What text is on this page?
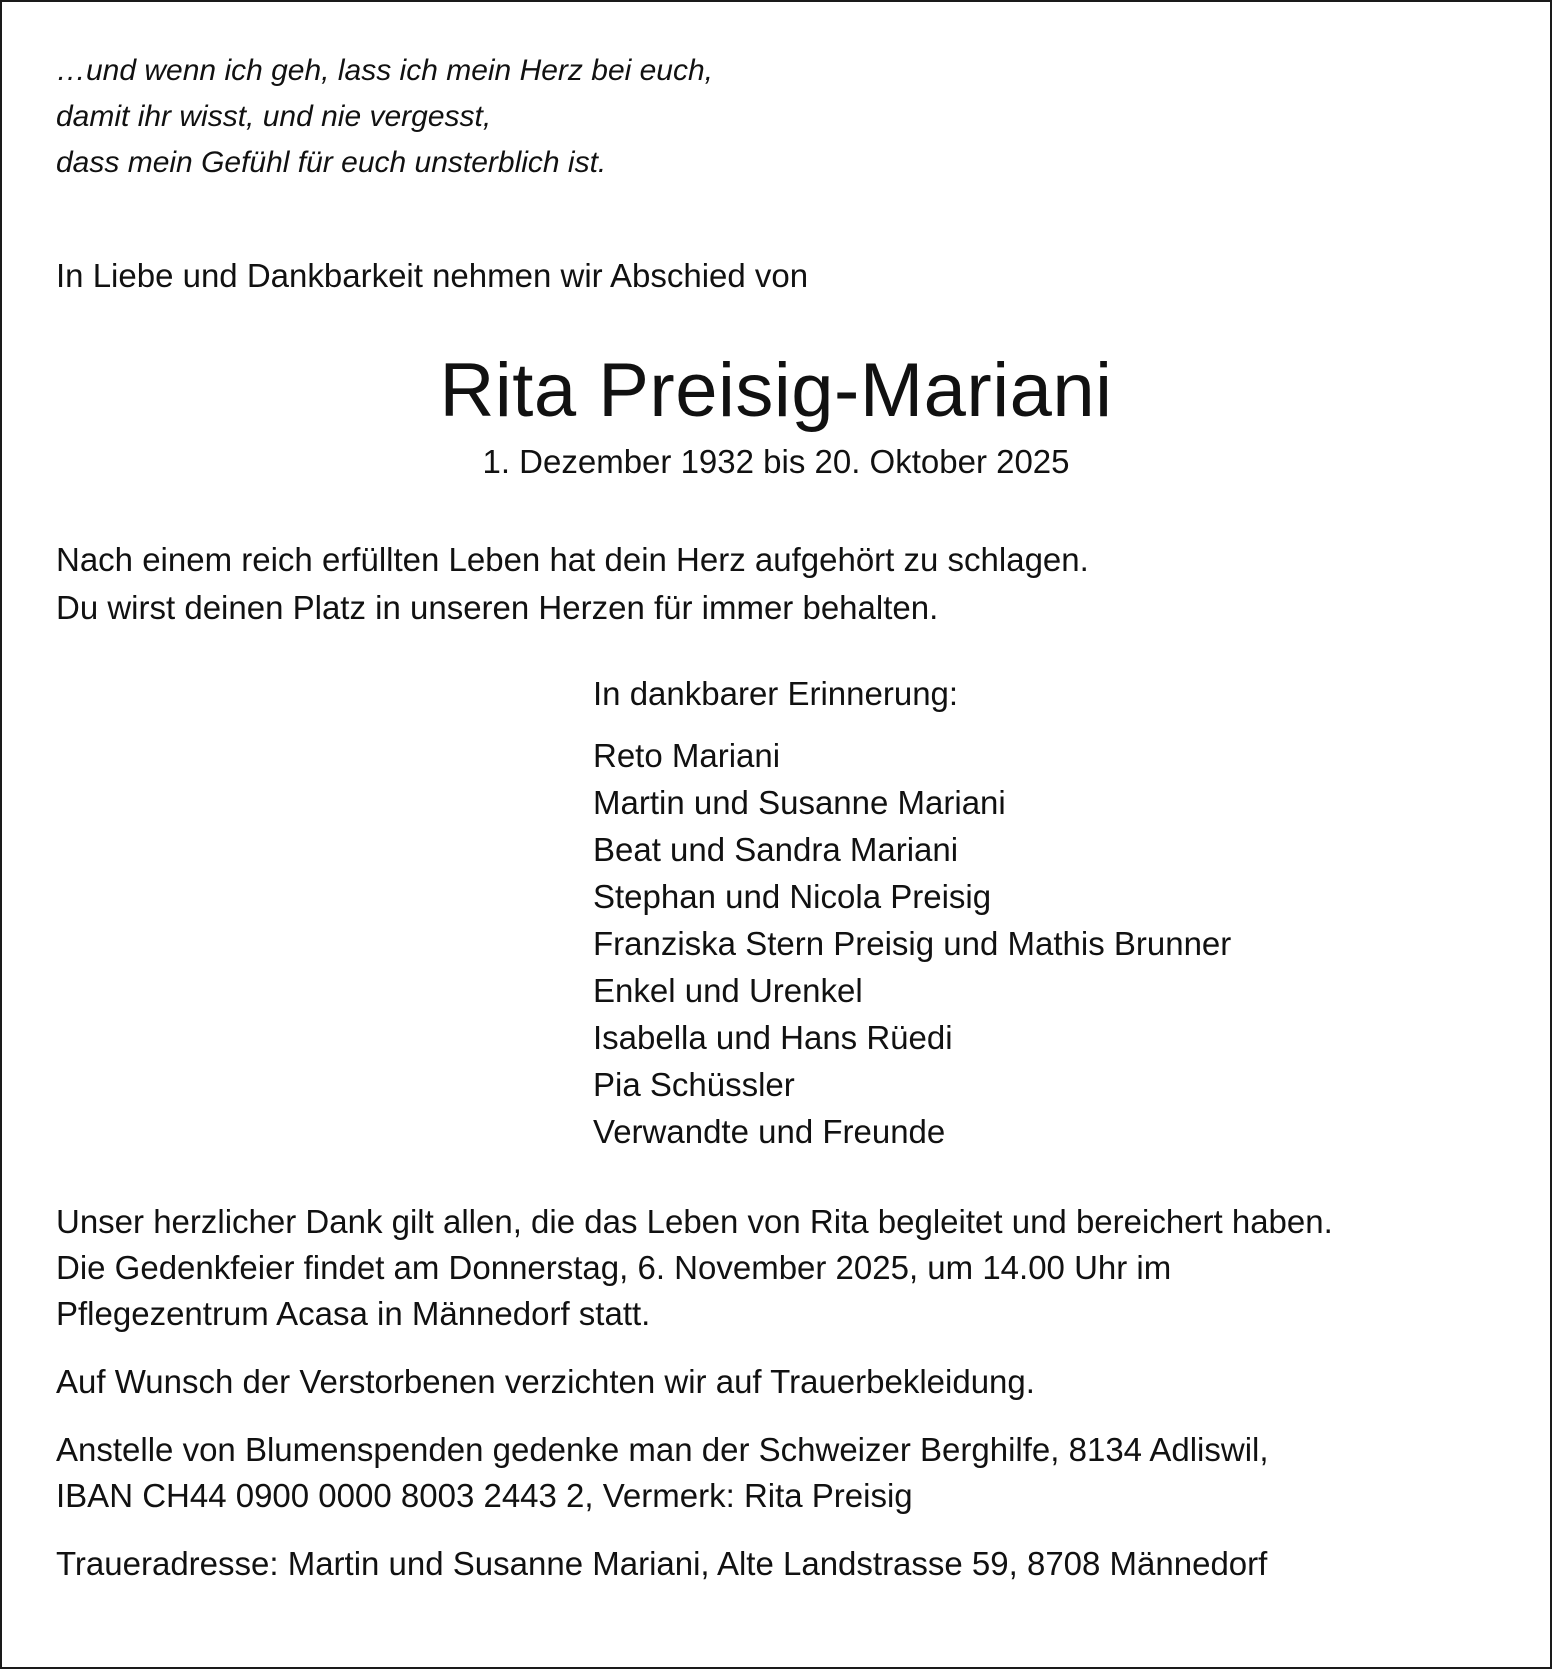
…und wenn ich geh, lass ich mein Herz bei euch,
damit ihr wisst, und nie vergesst,
dass mein Gefühl für euch unsterblich ist.

In Liebe und Dankbarkeit nehmen wir Abschied von
Rita Preisig-Mariani
1. Dezember 1932 bis 20. Oktober 2025
Nach einem reich erfüllten Leben hat dein Herz aufgehört zu schlagen.
Du wirst deinen Platz in unseren Herzen für immer behalten.
In dankbarer Erinnerung:
Reto Mariani
Martin und Susanne Mariani
Beat und Sandra Mariani
Stephan und Nicola Preisig
Franziska Stern Preisig und Mathis Brunner
Enkel und Urenkel
Isabella und Hans Rüedi
Pia Schüssler
Verwandte und Freunde
Unser herzlicher Dank gilt allen, die das Leben von Rita begleitet und bereichert haben.
Die Gedenkfeier findet am Donnerstag, 6. November 2025, um 14.00 Uhr im
Pflegezentrum Acasa in Männedorf statt.
Auf Wunsch der Verstorbenen verzichten wir auf Trauerbekleidung.
Anstelle von Blumenspenden gedenke man der Schweizer Berghilfe, 8134 Adliswil,
IBAN CH44 0900 0000 8003 2443 2, Vermerk: Rita Preisig
Traueradresse: Martin und Susanne Mariani, Alte Landstrasse 59, 8708 Männedorf
